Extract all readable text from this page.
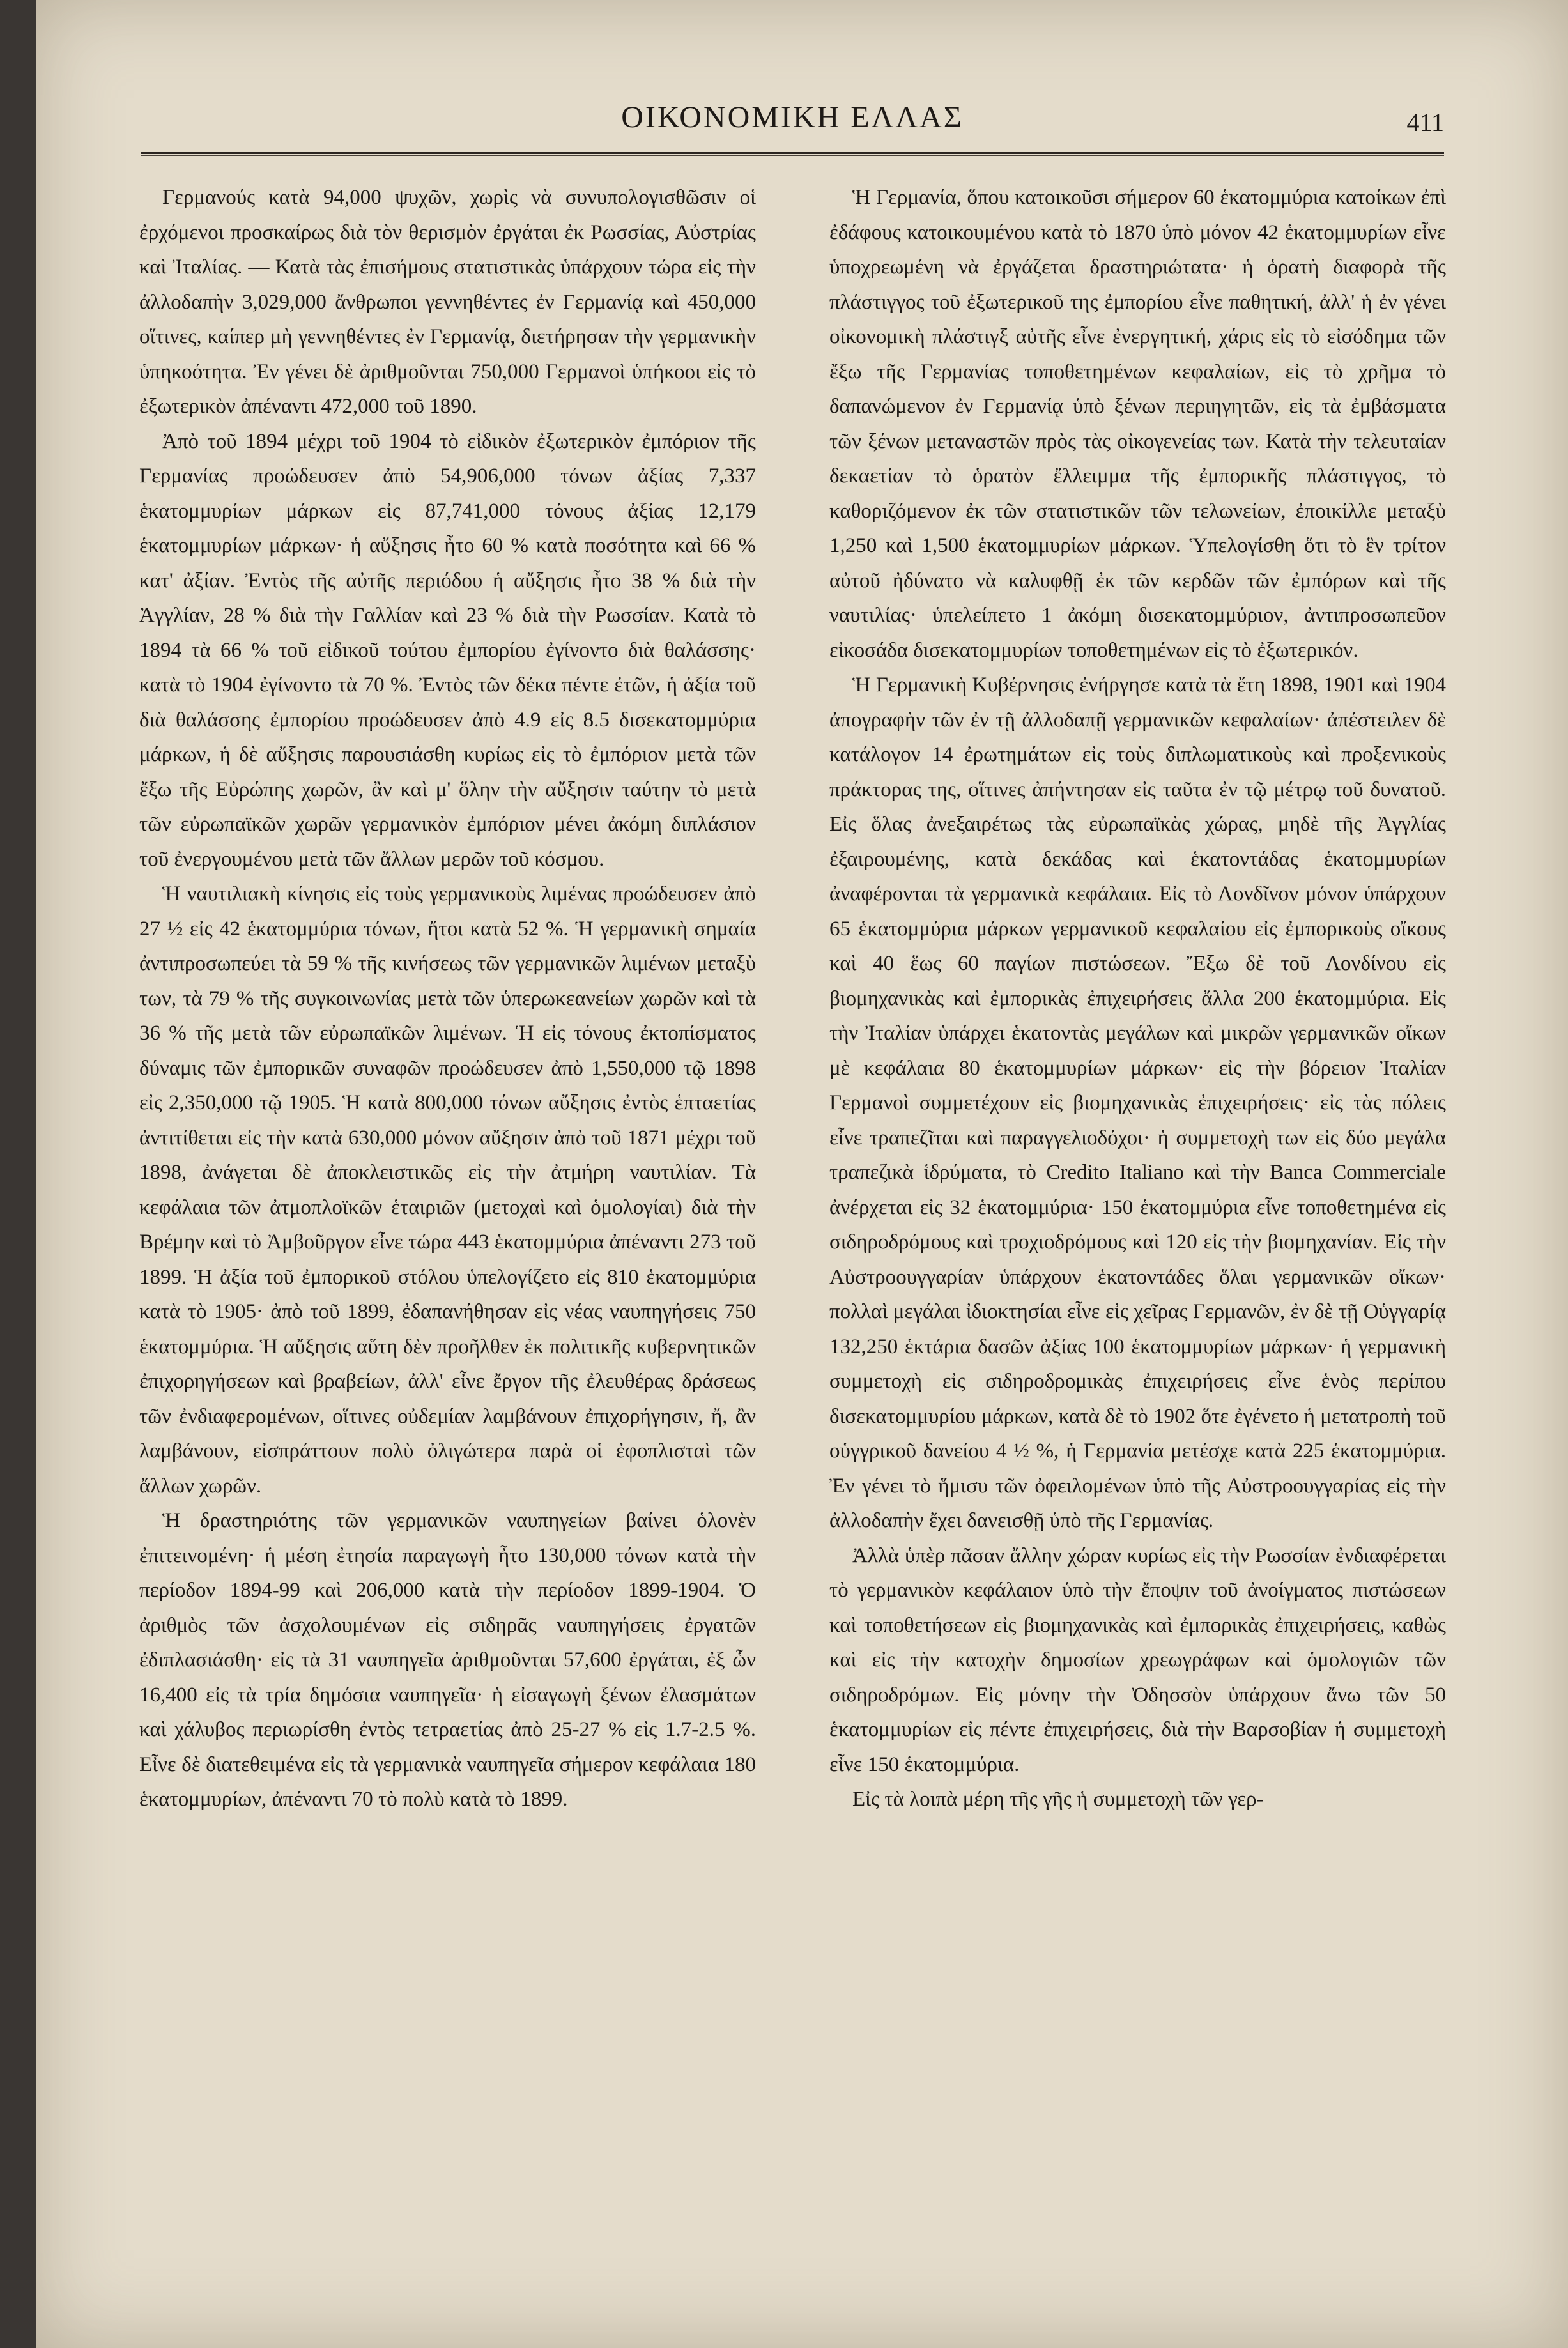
ΟΙΚΟΝΟΜΙΚΗ ΕΛΛΑΣ	411

Γερμανούς κατὰ 94,000 ψυχῶν, χωρὶς νὰ συνυπολογισθῶσιν οἱ ἐρχόμενοι προσκαίρως διὰ τὸν θερισμὸν ἐργάται ἐκ Ρωσσίας, Αὐστρίας καὶ Ἰταλίας. — Κατὰ τὰς ἐπισήμους στατιστικὰς ὑπάρχουν τώρα εἰς τὴν ἀλλοδαπὴν 3,029,000 ἄνθρωποι γεννηθέντες ἐν Γερμανίᾳ καὶ 450,000 οἵτινες, καίπερ μὴ γεννηθέντες ἐν Γερμανίᾳ, διετήρησαν τὴν γερμανικὴν ὑπηκοότητα. Ἐν γένει δὲ ἀριθμοῦνται 750,000 Γερμανοὶ ὑπήκοοι εἰς τὸ ἐξωτερικὸν ἀπέναντι 472,000 τοῦ 1890.

Ἀπὸ τοῦ 1894 μέχρι τοῦ 1904 τὸ εἰδικὸν ἐξωτερικὸν ἐμπόριον τῆς Γερμανίας προώδευσεν ἀπὸ 54,906,000 τόνων ἀξίας 7,337 ἑκατομμυρίων μάρκων εἰς 87,741,000 τόνους ἀξίας 12,179 ἑκατομμυρίων μάρκων· ἡ αὔξησις ἦτο 60 % κατὰ ποσότητα καὶ 66 % κατ' ἀξίαν. Ἐντὸς τῆς αὐτῆς περιόδου ἡ αὔξησις ἦτο 38 % διὰ τὴν Ἀγγλίαν, 28 % διὰ τὴν Γαλλίαν καὶ 23 % διὰ τὴν Ρωσσίαν. Κατὰ τὸ 1894 τὰ 66 % τοῦ εἰδικοῦ τούτου ἐμπορίου ἐγίνοντο διὰ θαλάσσης· κατὰ τὸ 1904 ἐγίνοντο τὰ 70 %. Ἐντὸς τῶν δέκα πέντε ἐτῶν, ἡ ἀξία τοῦ διὰ θαλάσσης ἐμπορίου προώδευσεν ἀπὸ 4.9 εἰς 8.5 δισεκατομμύρια μάρκων, ἡ δὲ αὔξησις παρουσιάσθη κυρίως εἰς τὸ ἐμπόριον μετὰ τῶν ἔξω τῆς Εὐρώπης χωρῶν, ἂν καὶ μ' ὅλην τὴν αὔξησιν ταύτην τὸ μετὰ τῶν εὐρωπαϊκῶν χωρῶν γερμανικὸν ἐμπόριον μένει ἀκόμη διπλάσιον τοῦ ἐνεργουμένου μετὰ τῶν ἄλλων μερῶν τοῦ κόσμου.

Ἡ ναυτιλιακὴ κίνησις εἰς τοὺς γερμανικοὺς λιμένας προώδευσεν ἀπὸ 27 ½ εἰς 42 ἑκατομμύρια τόνων, ἤτοι κατὰ 52 %. Ἡ γερμανικὴ σημαία ἀντιπροσωπεύει τὰ 59 % τῆς κινήσεως τῶν γερμανικῶν λιμένων μεταξὺ των, τὰ 79 % τῆς συγκοινωνίας μετὰ τῶν ὑπερωκεανείων χωρῶν καὶ τὰ 36 % τῆς μετὰ τῶν εὐρωπαϊκῶν λιμένων. Ἡ εἰς τόνους ἐκτοπίσματος δύναμις τῶν ἐμπορικῶν συναφῶν προώδευσεν ἀπὸ 1,550,000 τῷ 1898 εἰς 2,350,000 τῷ 1905. Ἡ κατὰ 800,000 τόνων αὔξησις ἐντὸς ἑπταετίας ἀντιτίθεται εἰς τὴν κατὰ 630,000 μόνον αὔξησιν ἀπὸ τοῦ 1871 μέχρι τοῦ 1898, ἀνάγεται δὲ ἀποκλειστικῶς εἰς τὴν ἀτμήρη ναυτιλίαν. Τὰ κεφάλαια τῶν ἀτμοπλοϊκῶν ἑταιριῶν (μετοχαὶ καὶ ὁμολογίαι) διὰ τὴν Βρέμην καὶ τὸ Ἀμβοῦργον εἶνε τώρα 443 ἑκατομμύρια ἀπέναντι 273 τοῦ 1899. Ἡ ἀξία τοῦ ἐμπορικοῦ στόλου ὑπελογίζετο εἰς 810 ἑκατομμύρια κατὰ τὸ 1905· ἀπὸ τοῦ 1899, ἐδαπανήθησαν εἰς νέας ναυπηγήσεις 750 ἑκατομμύρια. Ἡ αὔξησις αὕτη δὲν προῆλθεν ἐκ πολιτικῆς κυβερνητικῶν ἐπιχορηγήσεων καὶ βραβείων, ἀλλ' εἶνε ἔργον τῆς ἐλευθέρας δράσεως τῶν ἐνδιαφερομένων, οἵτινες οὐδεμίαν λαμβάνουν ἐπιχορήγησιν, ἤ, ἂν λαμβάνουν, εἰσπράττουν πολὺ ὀλιγώτερα παρὰ οἱ ἐφοπλισταὶ τῶν ἄλλων χωρῶν.

Ἡ δραστηριότης τῶν γερμανικῶν ναυπηγείων βαίνει ὁλονὲν ἐπιτεινομένη· ἡ μέση ἐτησία παραγωγὴ ἦτο 130,000 τόνων κατὰ τὴν περίοδον 1894-99 καὶ 206,000 κατὰ τὴν περίοδον 1899-1904. Ὁ ἀριθμὸς τῶν ἀσχολουμένων εἰς σιδηρᾶς ναυπηγήσεις ἐργατῶν ἐδιπλασιάσθη· εἰς τὰ 31 ναυπηγεῖα ἀριθμοῦνται 57,600 ἐργάται, ἐξ ὧν 16,400 εἰς τὰ τρία δημόσια ναυπηγεῖα· ἡ εἰσαγωγὴ ξένων ἐλασμάτων καὶ χάλυβος περιωρίσθη ἐντὸς τετραετίας ἀπὸ 25-27 % εἰς 1.7-2.5 %. Εἶνε δὲ διατεθειμένα εἰς τὰ γερμανικὰ ναυπηγεῖα σήμερον κεφάλαια 180 ἑκατομμυρίων, ἀπέναντι 70 τὸ πολὺ κατὰ τὸ 1899.

Ἡ Γερμανία, ὅπου κατοικοῦσι σήμερον 60 ἑκατομμύρια κατοίκων ἐπὶ ἐδάφους κατοικουμένου κατὰ τὸ 1870 ὑπὸ μόνον 42 ἑκατομμυρίων εἶνε ὑποχρεωμένη νὰ ἐργάζεται δραστηριώτατα· ἡ ὁρατὴ διαφορὰ τῆς πλάστιγγος τοῦ ἐξωτερικοῦ της ἐμπορίου εἶνε παθητική, ἀλλ' ἡ ἐν γένει οἰκονομικὴ πλάστιγξ αὐτῆς εἶνε ἐνεργητική, χάρις εἰς τὸ εἰσόδημα τῶν ἔξω τῆς Γερμανίας τοποθετημένων κεφαλαίων, εἰς τὸ χρῆμα τὸ δαπανώμενον ἐν Γερμανίᾳ ὑπὸ ξένων περιηγητῶν, εἰς τὰ ἐμβάσματα τῶν ξένων μεταναστῶν πρὸς τὰς οἰκογενείας των. Κατὰ τὴν τελευταίαν δεκαετίαν τὸ ὁρατὸν ἔλλειμμα τῆς ἐμπορικῆς πλάστιγγος, τὸ καθοριζόμενον ἐκ τῶν στατιστικῶν τῶν τελωνείων, ἐποικίλλε μεταξὺ 1,250 καὶ 1,500 ἑκατομμυρίων μάρκων. Ὑπελογίσθη ὅτι τὸ ἓν τρίτον αὐτοῦ ἠδύνατο νὰ καλυφθῇ ἐκ τῶν κερδῶν τῶν ἐμπόρων καὶ τῆς ναυτιλίας· ὑπελείπετο 1 ἀκόμη δισεκατομμύριον, ἀντιπροσωπεῦον εἰκοσάδα δισεκατομμυρίων τοποθετημένων εἰς τὸ ἐξωτερικόν.

Ἡ Γερμανικὴ Κυβέρνησις ἐνήργησε κατὰ τὰ ἔτη 1898, 1901 καὶ 1904 ἀπογραφὴν τῶν ἐν τῇ ἀλλοδαπῇ γερμανικῶν κεφαλαίων· ἀπέστειλεν δὲ κατάλογον 14 ἐρωτημάτων εἰς τοὺς διπλωματικοὺς καὶ προξενικοὺς πράκτορας της, οἵτινες ἀπήντησαν εἰς ταῦτα ἐν τῷ μέτρῳ τοῦ δυνατοῦ. Εἰς ὅλας ἀνεξαιρέτως τὰς εὐρωπαϊκὰς χώρας, μηδὲ τῆς Ἀγγλίας ἐξαιρουμένης, κατὰ δεκάδας καὶ ἑκατοντάδας ἑκατομμυρίων ἀναφέρονται τὰ γερμανικὰ κεφάλαια. Εἰς τὸ Λονδῖνον μόνον ὑπάρχουν 65 ἑκατομμύρια μάρκων γερμανικοῦ κεφαλαίου εἰς ἐμπορικοὺς οἴκους καὶ 40 ἕως 60 παγίων πιστώσεων. Ἔξω δὲ τοῦ Λονδίνου εἰς βιομηχανικὰς καὶ ἐμπορικὰς ἐπιχειρήσεις ἄλλα 200 ἑκατομμύρια. Εἰς τὴν Ἰταλίαν ὑπάρχει ἑκατοντὰς μεγάλων καὶ μικρῶν γερμανικῶν οἴκων μὲ κεφάλαια 80 ἑκατομμυρίων μάρκων· εἰς τὴν βόρειον Ἰταλίαν Γερμανοὶ συμμετέχουν εἰς βιομηχανικὰς ἐπιχειρήσεις· εἰς τὰς πόλεις εἶνε τραπεζῖται καὶ παραγγελιοδόχοι· ἡ συμμετοχὴ των εἰς δύο μεγάλα τραπεζικὰ ἱδρύματα, τὸ Credito Italiano καὶ τὴν Banca Commerciale ἀνέρχεται εἰς 32 ἑκατομμύρια· 150 ἑκατομμύρια εἶνε τοποθετημένα εἰς σιδηροδρόμους καὶ τροχιοδρόμους καὶ 120 εἰς τὴν βιομηχανίαν. Εἰς τὴν Αὐστροουγγαρίαν ὑπάρχουν ἑκατοντάδες ὅλαι γερμανικῶν οἴκων· πολλαὶ μεγάλαι ἰδιοκτησίαι εἶνε εἰς χεῖρας Γερμανῶν, ἐν δὲ τῇ Οὑγγαρίᾳ 132,250 ἑκτάρια δασῶν ἀξίας 100 ἑκατομμυρίων μάρκων· ἡ γερμανικὴ συμμετοχὴ εἰς σιδηροδρομικὰς ἐπιχειρήσεις εἶνε ἑνὸς περίπου δισεκατομμυρίου μάρκων, κατὰ δὲ τὸ 1902 ὅτε ἐγένετο ἡ μετατροπὴ τοῦ οὑγγρικοῦ δανείου 4 ½ %, ἡ Γερμανία μετέσχε κατὰ 225 ἑκατομμύρια. Ἐν γένει τὸ ἥμισυ τῶν ὀφειλομένων ὑπὸ τῆς Αὐστροουγγαρίας εἰς τὴν ἀλλοδαπὴν ἔχει δανεισθῇ ὑπὸ τῆς Γερμανίας.

Ἀλλὰ ὑπὲρ πᾶσαν ἄλλην χώραν κυρίως εἰς τὴν Ρωσσίαν ἐνδιαφέρεται τὸ γερμανικὸν κεφάλαιον ὑπὸ τὴν ἔποψιν τοῦ ἀνοίγματος πιστώσεων καὶ τοποθετήσεων εἰς βιομηχανικὰς καὶ ἐμπορικὰς ἐπιχειρήσεις, καθὼς καὶ εἰς τὴν κατοχὴν δημοσίων χρεωγράφων καὶ ὁμολογιῶν τῶν σιδηροδρόμων. Εἰς μόνην τὴν Ὀδησσὸν ὑπάρχουν ἄνω τῶν 50 ἑκατομμυρίων εἰς πέντε ἐπιχειρήσεις, διὰ τὴν Βαρσοβίαν ἡ συμμετοχὴ εἶνε 150 ἑκατομμύρια.

Εἰς τὰ λοιπὰ μέρη τῆς γῆς ἡ συμμετοχὴ τῶν γερ-
